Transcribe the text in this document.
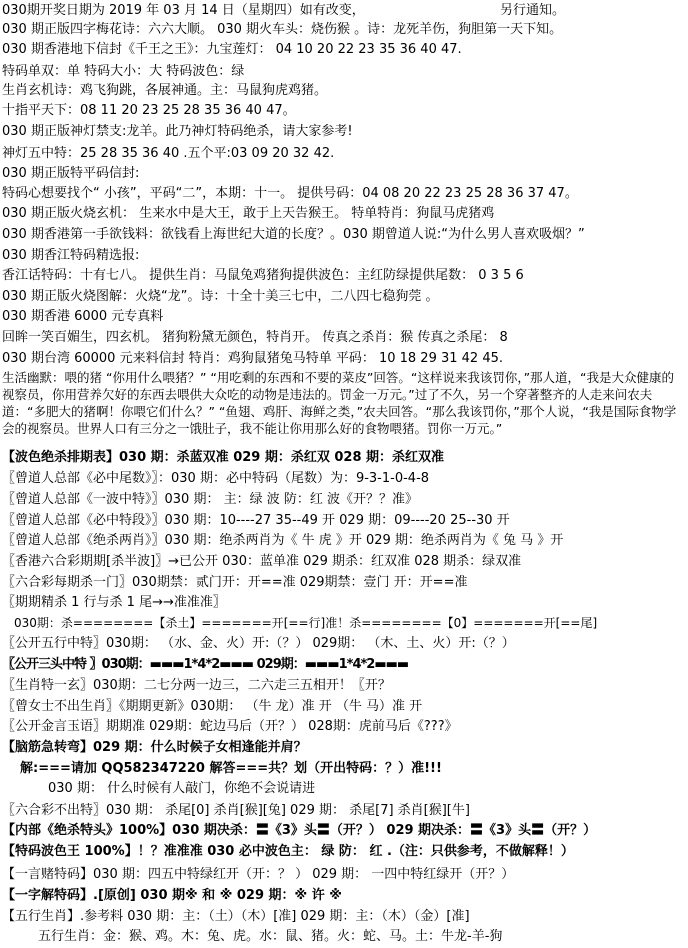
030期开奖日期为 2019 年 03 月 14 日（星期四）如有改变，	另行通知。
030 期正版四字梅花诗：六六大顺。 030 期火车头：烧伤猴 。诗：龙死羊伤，狗胆第一天下知。
030 期香港地下信封《千王之王》：九宝莲灯： 04 10 20 22 23 35 36 40 47.
特码单双：单 特码大小：大 特码波色：绿
生肖玄机诗：鸡飞狗跳，各展神通。主：马鼠狗虎鸡猪。
十指平天下：08 11 20 23 25 28 35 36 40 47。
030 期正版神灯禁支:龙羊。此乃神灯特码绝杀，请大家参考!
神灯五中特：25 28 35 36 40 .五个平:03 09 20 32 42.
030 期正版特平码信封:
特码心想要找个“ 小孩”，平码“二”，本期：十一。 提供号码：04 08 20 22 23 25 28 36 37 47。
030 期正版火烧玄机： 生来水中是大王，敢于上天告猴王。 特单特肖：狗鼠马虎猪鸡
030 期香港第一手欲钱料：欲钱看上海世纪大道的长度？。030 期曾道人说:“为什么男人喜欢吸烟？”
030 期香江特码精选报:
香江话特码：十有七八。 提供生肖：马鼠兔鸡猪狗提供波色：主红防绿提供尾数： 0 3 5 6
030 期正版火烧图解：火烧“龙”。诗：十全十美三七中，二八四七稳狗莞 。
030 期香港 6000 元专真料
回眸一笑百媚生，四玄机。 猪狗粉黛无颜色，特肖开。 传真之杀肖：猴 传真之杀尾： 8
030 期台湾 60000 元来料信封 特肖：鸡狗鼠猪兔马特单 平码： 10 18 29 31 42 45.
生活幽默：喂的猪 “你用什么喂猪？” “用吃剩的东西和不要的菜皮”回答。“这样说来我该罚你，”那人道，“我是大众健康的视察员，你用营养欠好的东西去喂供大众吃的动物是违法的。罚金一万元。”过了不久，另一个穿著整齐的人走来问农夫道：“多肥大的猪啊！你喂它们什么？” “鱼翅、鸡肝、海鲜之类，”农夫回答。“那么我该罚你，”那个人说，“我是国际食物学会的视察员。世界人口有三分之一饿肚子，我不能让你用那么好的食物喂猪。罚你一万元。”
【波色绝杀排期表】030 期：杀蓝双准 029 期：杀红双 028 期：杀红双准
〖曾道人总部《必中尾数》〗：030 期：必中特码（尾数）为：9-3-1-0-4-8
〖曾道人总部《一波中特》〗030 期： 主：绿 波 防：红 波《开？？准》
〖曾道人总部《必中特段》〗030 期：10----27 35--49 开 029 期：09----20 25--30 开
〖曾道人总部《绝杀两肖》〗030 期：绝杀两肖为《 牛 虎 》开 029 期：绝杀两肖为《 兔 马 》开
〖香港六合彩期期[杀半波]〗→已公开 030：蓝单准 029 期杀：红双准 028 期杀：绿双准
〖六合彩每期杀一门〗030期禁：贰门开：开==准 029期禁：壹门 开：开==准
〖期期精杀 1 行与杀 1 尾→→准准准〗
030期：杀========【杀土】=======开[==行]准！杀========【0】=======开[==尾]
〖公开五行中特〗030期： （水、金、火）开:（？） 029期： （木、土、火）开:（？）
〖公开三头中特 〗030期：▬▬▬1*4*2▬▬▬ 029期：▬▬▬1*4*2▬▬▬
〖生肖特一玄〗030期：二七分两一边三，二六走三五相开！〖开？
〖曾女士不出生肖〗《期期更新》030期： （牛 龙）准 开 （牛 马）准 开
〖公开金言玉语〗期期准 029期：蛇边马后（开？） 028期：虎前马后《???》
【脑筋急转弯】029 期：什么时候子女相逢能并肩？
解:===请加 QQ582347220 解答===共？划（开出特码：？）准!!!
030 期： 什么时候有人敲门，你绝不会说请进
〖六合彩不出特〗030 期： 杀尾[0] 杀肖[猴][兔] 029 期： 杀尾[7] 杀肖[猴][牛]
【内部《绝杀特头》100%】030 期决杀：〓《3》头〓（开？） 029 期决杀：〓《3》头〓（开？）
【特码波色王 100%】！？准准准 030 必中波色主： 绿 防： 红 .（注：只供参考，不做解释！）
【一言赌特码】030 期：四五中特绿红开（开：？ ） 029 期： 一四中特红绿开（开？）
【一字解特码】.[原创] 030 期※ 和 ※ 029 期：※ 许 ※
【五行生肖】.参考料 030 期：主：（土）（木）[准] 029 期：主：（木）（金）[准]
五行生肖：金：猴、鸡。木：兔、虎。水：鼠、猪。火：蛇、马。土：牛龙-羊-狗
